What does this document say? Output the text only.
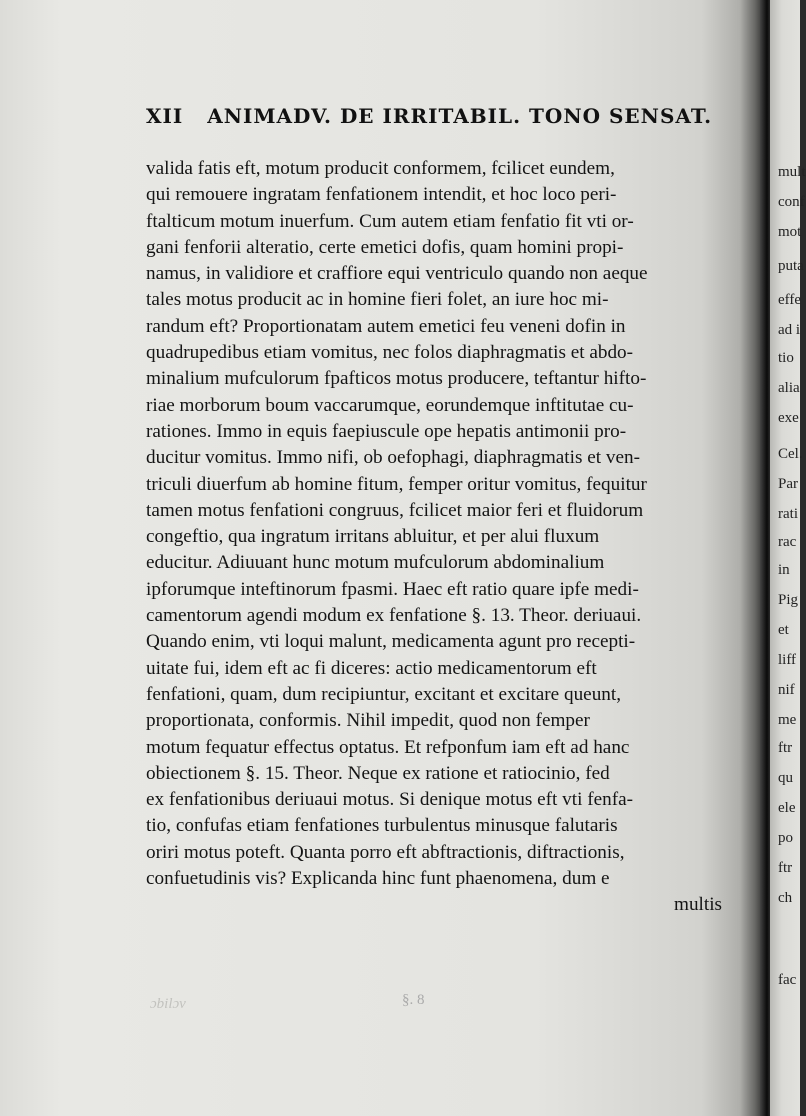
XII ANIMADV. DE IRRITABIL. TONO SENSAT.
valida fatis eft, motum producit conformem, fcilicet eundem,
qui remouere ingratam fenfationem intendit, et hoc loco peri-
ftalticum motum inuerfum. Cum autem etiam fenfatio fit vti or-
gani fenforii alteratio, certe emetici dofis, quam homini propi-
namus, in validiore et craffiore equi ventriculo quando non aeque
tales motus producit ac in homine fieri folet, an iure hoc mi-
randum eft? Proportionatam autem emetici feu veneni dofin in
quadrupedibus etiam vomitus, nec folos diaphragmatis et abdo-
minalium mufculorum fpafticos motus producere, teftantur hifto-
riae morborum boum vaccarumque, eorundemque inftitutae cu-
rationes. Immo in equis faepiuscule ope hepatis antimonii pro-
ducitur vomitus. Immo nifi, ob oefophagi, diaphragmatis et ven-
triculi diuerfum ab homine fitum, femper oritur vomitus, fequitur
tamen motus fenfationi congruus, fcilicet maior feri et fluidorum
congeftio, qua ingratum irritans abluitur, et per alui fluxum
educitur. Adiuuant hunc motum mufculorum abdominalium
ipforumque inteftinorum fpasmi. Haec eft ratio quare ipfe medi-
camentorum agendi modum ex fenfatione §. 13. Theor. deriuaui.
Quando enim, vti loqui malunt, medicamenta agunt pro recepti-
uitate fui, idem eft ac fi diceres: actio medicamentorum eft
fenfationi, quam, dum recipiuntur, excitant et excitare queunt,
proportionata, conformis. Nihil impedit, quod non femper
motum fequatur effectus optatus. Et refponfum iam eft ad hanc
obiectionem §. 15. Theor. Neque ex ratione et ratiocinio, fed
ex fenfationibus deriuaui motus. Si denique motus eft vti fenfa-
tio, confufas etiam fenfationes turbulentus minusque falutaris
oriri motus poteft. Quanta porro eft abftractionis, diftractionis,
confuetudinis vis? Explicanda hinc funt phaenomena, dum e
multis
ɔbilɔv	§. 8
mult
conf
mot
puta
effe
ad i
tio
alia
exe
Cel.
Par
rati
rac
in
Pig
et
liff
nif
me
ftr
qu
ele
po
ftr
ch
fac
